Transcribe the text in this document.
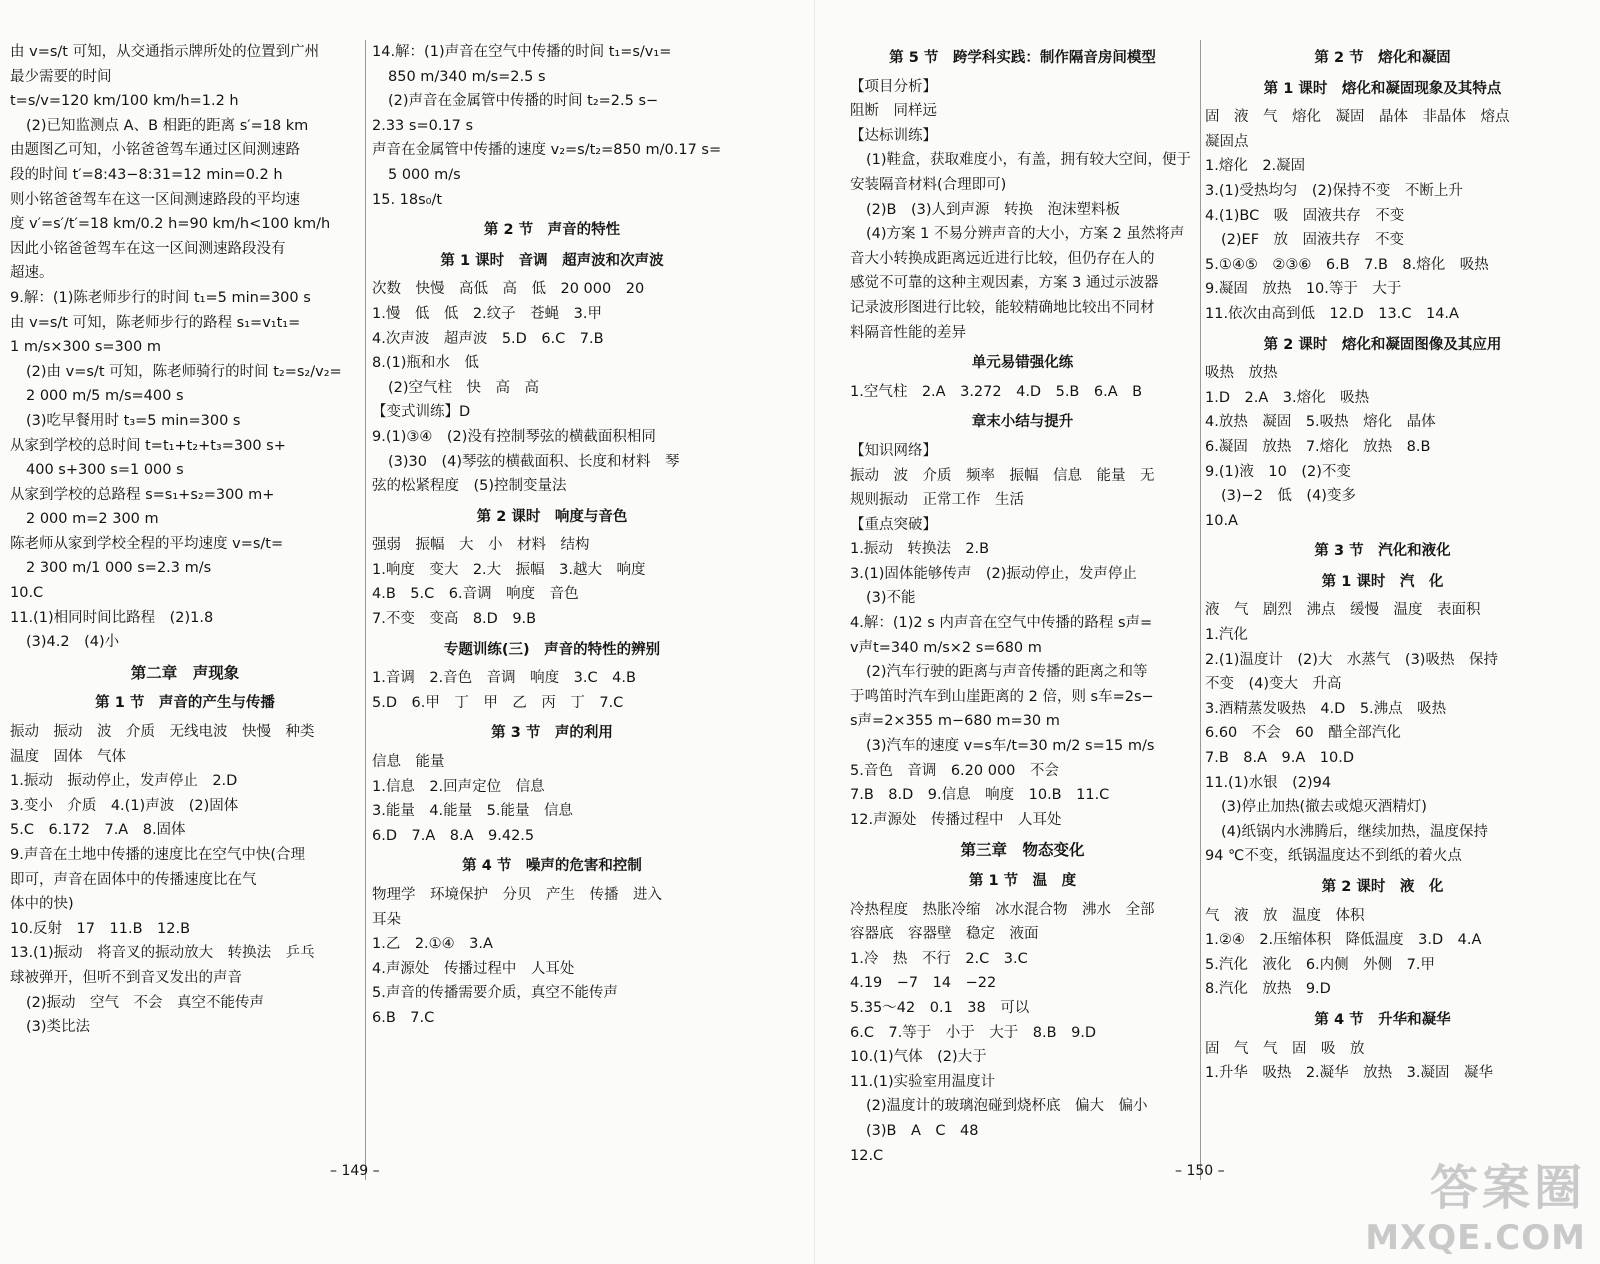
由 v=s/t 可知，从交通指示牌所处的位置到广州
最少需要的时间
t=s/v=120 km/100 km/h=1.2 h
(2)已知监测点 A、B 相距的距离 s′=18 km
由题图乙可知，小铭爸爸驾车通过区间测速路
段的时间 t′=8:43−8:31=12 min=0.2 h
则小铭爸爸驾车在这一区间测速路段的平均速
度 v′=s′/t′=18 km/0.2 h=90 km/h<100 km/h
因此小铭爸爸驾车在这一区间测速路段没有
超速。
9.解：(1)陈老师步行的时间 t₁=5 min=300 s
由 v=s/t 可知，陈老师步行的路程 s₁=v₁t₁=
1 m/s×300 s=300 m
(2)由 v=s/t 可知，陈老师骑行的时间 t₂=s₂/v₂=
2 000 m/5 m/s=400 s
(3)吃早餐用时 t₃=5 min=300 s
从家到学校的总时间 t=t₁+t₂+t₃=300 s+
400 s+300 s=1 000 s
从家到学校的总路程 s=s₁+s₂=300 m+
2 000 m=2 300 m
陈老师从家到学校全程的平均速度 v=s/t=
2 300 m/1 000 s=2.3 m/s
10.C
11.(1)相同时间比路程　(2)1.8
(3)4.2　(4)小
第二章　声现象
第 1 节　声音的产生与传播
振动　振动　波　介质　无线电波　快慢　种类
温度　固体　气体
1.振动　振动停止，发声停止　2.D
3.变小　介质　4.(1)声波　(2)固体
5.C　6.172　7.A　8.固体
9.声音在土地中传播的速度比在空气中快(合理
即可，声音在固体中的传播速度比在气
体中的快)
10.反射　17　11.B　12.B
13.(1)振动　将音叉的振动放大　转换法　乒乓
球被弹开，但听不到音叉发出的声音
(2)振动　空气　不会　真空不能传声
(3)类比法
14.解：(1)声音在空气中传播的时间 t₁=s/v₁=
850 m/340 m/s=2.5 s
(2)声音在金属管中传播的时间 t₂=2.5 s−
2.33 s=0.17 s
声音在金属管中传播的速度 v₂=s/t₂=850 m/0.17 s=
5 000 m/s
15. 18s₀/t
第 2 节　声音的特性
第 1 课时　音调　超声波和次声波
次数　快慢　高低　高　低　20 000　20
1.慢　低　低　2.纹子　苍蝇　3.甲
4.次声波　超声波　5.D　6.C　7.B
8.(1)瓶和水　低
(2)空气柱　快　高　高
【变式训练】D
9.(1)③④　(2)没有控制琴弦的横截面积相同
(3)30　(4)琴弦的横截面积、长度和材料　琴
弦的松紧程度　(5)控制变量法
第 2 课时　响度与音色
强弱　振幅　大　小　材料　结构
1.响度　变大　2.大　振幅　3.越大　响度
4.B　5.C　6.音调　响度　音色
7.不变　变高　8.D　9.B
专题训练(三)　声音的特性的辨别
1.音调　2.音色　音调　响度　3.C　4.B
5.D　6.甲　丁　甲　乙　丙　丁　7.C
第 3 节　声的利用
信息　能量
1.信息　2.回声定位　信息
3.能量　4.能量　5.能量　信息
6.D　7.A　8.A　9.42.5
第 4 节　噪声的危害和控制
物理学　环境保护　分贝　产生　传播　进入
耳朵
1.乙　2.①④　3.A
4.声源处　传播过程中　人耳处
5.声音的传播需要介质，真空不能传声
6.B　7.C
第 5 节　跨学科实践：制作隔音房间模型
【项目分析】
阻断　同样远
【达标训练】
(1)鞋盒，获取难度小，有盖，拥有较大空间，便于
安装隔音材料(合理即可)
(2)B　(3)人到声源　转换　泡沫塑料板
(4)方案 1 不易分辨声音的大小，方案 2 虽然将声
音大小转换成距离远近进行比较，但仍存在人的
感觉不可靠的这种主观因素，方案 3 通过示波器
记录波形图进行比较，能较精确地比较出不同材
料隔音性能的差异
单元易错强化练
1.空气柱　2.A　3.272　4.D　5.B　6.A　B
章末小结与提升
【知识网络】
振动　波　介质　频率　振幅　信息　能量　无
规则振动　正常工作　生活
【重点突破】
1.振动　转换法　2.B
3.(1)固体能够传声　(2)振动停止，发声停止
(3)不能
4.解：(1)2 s 内声音在空气中传播的路程 s声=
v声t=340 m/s×2 s=680 m
(2)汽车行驶的距离与声音传播的距离之和等
于鸣笛时汽车到山崖距离的 2 倍，则 s车=2s−
s声=2×355 m−680 m=30 m
(3)汽车的速度 v=s车/t=30 m/2 s=15 m/s
5.音色　音调　6.20 000　不会
7.B　8.D　9.信息　响度　10.B　11.C
12.声源处　传播过程中　人耳处
第三章　物态变化
第 1 节　温　度
冷热程度　热胀冷缩　冰水混合物　沸水　全部
容器底　容器壁　稳定　液面
1.冷　热　不行　2.C　3.C
4.19　−7　14　−22
5.35～42　0.1　38　可以
6.C　7.等于　小于　大于　8.B　9.D
10.(1)气体　(2)大于
11.(1)实验室用温度计
(2)温度计的玻璃泡碰到烧杯底　偏大　偏小
(3)B　A　C　48
12.C
第 2 节　熔化和凝固
第 1 课时　熔化和凝固现象及其特点
固　液　气　熔化　凝固　晶体　非晶体　熔点
凝固点
1.熔化　2.凝固
3.(1)受热均匀　(2)保持不变　不断上升
4.(1)BC　吸　固液共存　不变
(2)EF　放　固液共存　不变
5.①④⑤　②③⑥　6.B　7.B　8.熔化　吸热
9.凝固　放热　10.等于　大于
11.依次由高到低　12.D　13.C　14.A
第 2 课时　熔化和凝固图像及其应用
吸热　放热
1.D　2.A　3.熔化　吸热
4.放热　凝固　5.吸热　熔化　晶体
6.凝固　放热　7.熔化　放热　8.B
9.(1)液　10　(2)不变
(3)−2　低　(4)变多
10.A
第 3 节　汽化和液化
第 1 课时　汽　化
液　气　剧烈　沸点　缓慢　温度　表面积
1.汽化
2.(1)温度计　(2)大　水蒸气　(3)吸热　保持
不变　(4)变大　升高
3.酒精蒸发吸热　4.D　5.沸点　吸热
6.60　不会　60　醋全部汽化
7.B　8.A　9.A　10.D
11.(1)水银　(2)94
(3)停止加热(撤去或熄灭酒精灯)
(4)纸锅内水沸腾后，继续加热，温度保持
94 ℃不变，纸锅温度达不到纸的着火点
第 2 课时　液　化
气　液　放　温度　体积
1.②④　2.压缩体积　降低温度　3.D　4.A
5.汽化　液化　6.内侧　外侧　7.甲
8.汽化　放热　9.D
第 4 节　升华和凝华
固　气　气　固　吸　放
1.升华　吸热　2.凝华　放热　3.凝固　凝华
– 149 –	– 150 –	答案圈
MXQE.COM
